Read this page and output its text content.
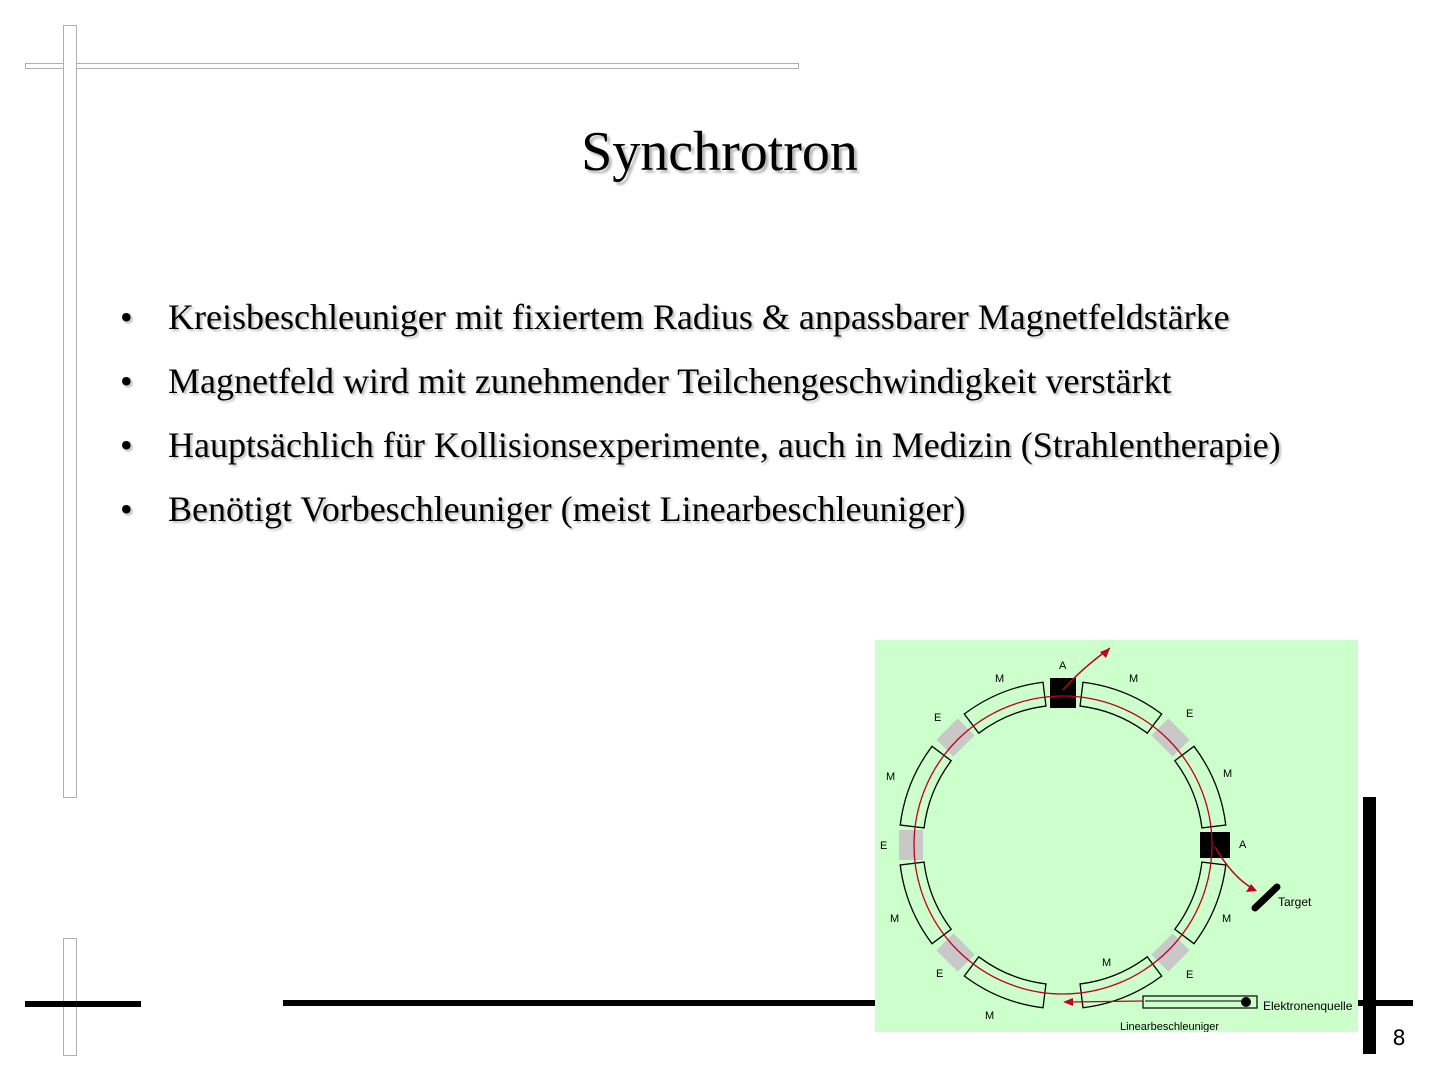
Synchrotron
• Kreisbeschleuniger mit fixiertem Radius & anpassbarer Magnetfeldstärke
• Magnetfeld wird mit zunehmender Teilchengeschwindigkeit verstärkt
• Hauptsächlich für Kollisionsexperimente, auch in Medizin (Strahlentherapie)
• Benötigt Vorbeschleuniger (meist Linearbeschleuniger)
M	M
A
E	E
M	M
E	A
M	M
Target
E	E
M
M
Elektronenquelle
Linearbeschleuniger	8
